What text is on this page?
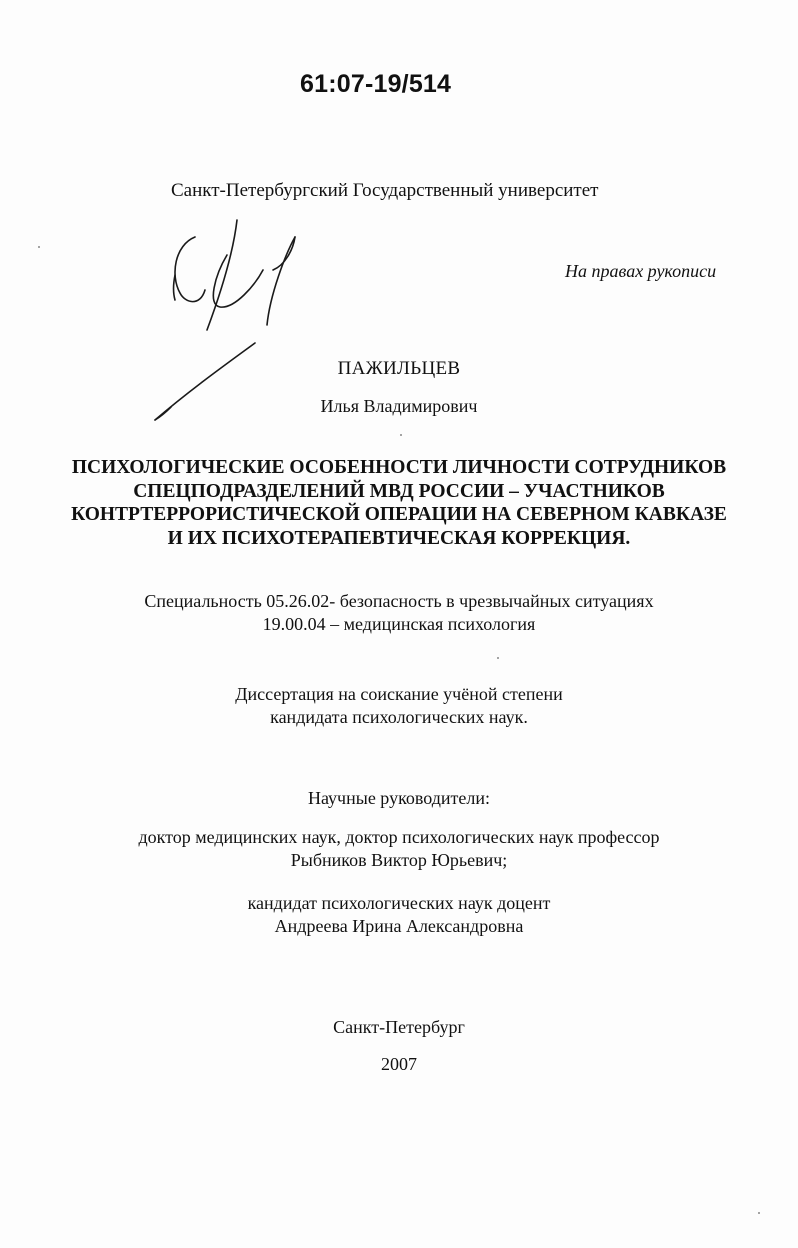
61:07-19/514
Санкт-Петербургский Государственный университет
На правах рукописи
ПАЖИЛЬЦЕВ
Илья Владимирович
ПСИХОЛОГИЧЕСКИЕ ОСОБЕННОСТИ ЛИЧНОСТИ СОТРУДНИКОВ
СПЕЦПОДРАЗДЕЛЕНИЙ МВД РОССИИ – УЧАСТНИКОВ
КОНТРТЕРРОРИСТИЧЕСКОЙ ОПЕРАЦИИ НА СЕВЕРНОМ КАВКАЗЕ
И ИХ ПСИХОТЕРАПЕВТИЧЕСКАЯ КОРРЕКЦИЯ.
Специальность 05.26.02- безопасность в чрезвычайных ситуациях
19.00.04 – медицинская психология
Диссертация на соискание учёной степени
кандидата психологических наук.
Научные руководители:
доктор медицинских наук, доктор психологических наук профессор
Рыбников Виктор Юрьевич;
кандидат психологических наук доцент
Андреева Ирина Александровна
Санкт-Петербург
2007
